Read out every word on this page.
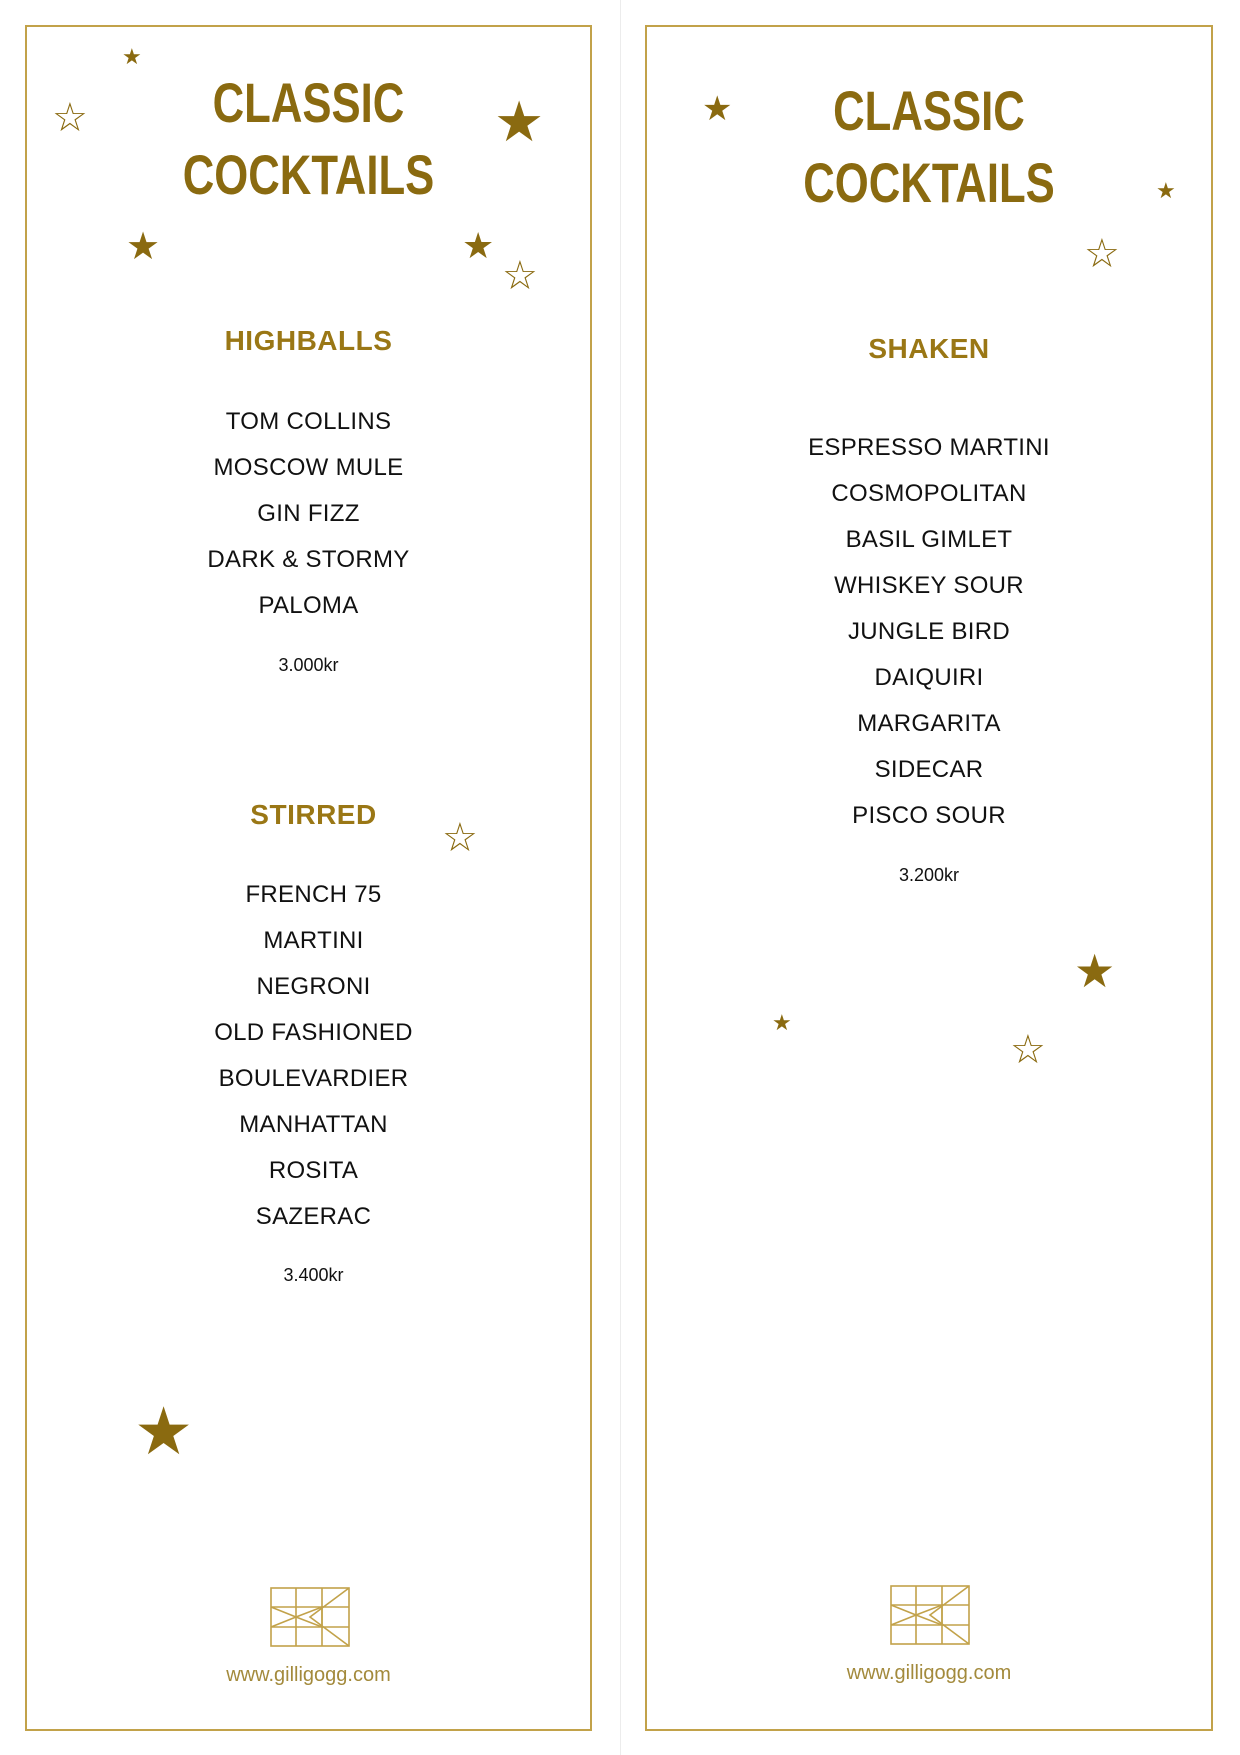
CLASSIC
COCKTAILS
HIGHBALLS
TOM COLLINS
MOSCOW MULE
GIN FIZZ
DARK & STORMY
PALOMA

3.000kr

STIRRED
FRENCH 75
MARTINI
NEGRONI
OLD FASHIONED
BOULEVARDIER
MANHATTAN
ROSITA
SAZERAC

3.400kr

www.gilligogg.com

CLASSIC
COCKTAILS
SHAKEN
ESPRESSO MARTINI
COSMOPOLITAN
BASIL GIMLET
WHISKEY SOUR
JUNGLE BIRD
DAIQUIRI
MARGARITA
SIDECAR
PISCO SOUR

3.200kr

www.gilligogg.com

★
☆	★
★	★
☆
☆
★
★
★
☆
★
★
☆
